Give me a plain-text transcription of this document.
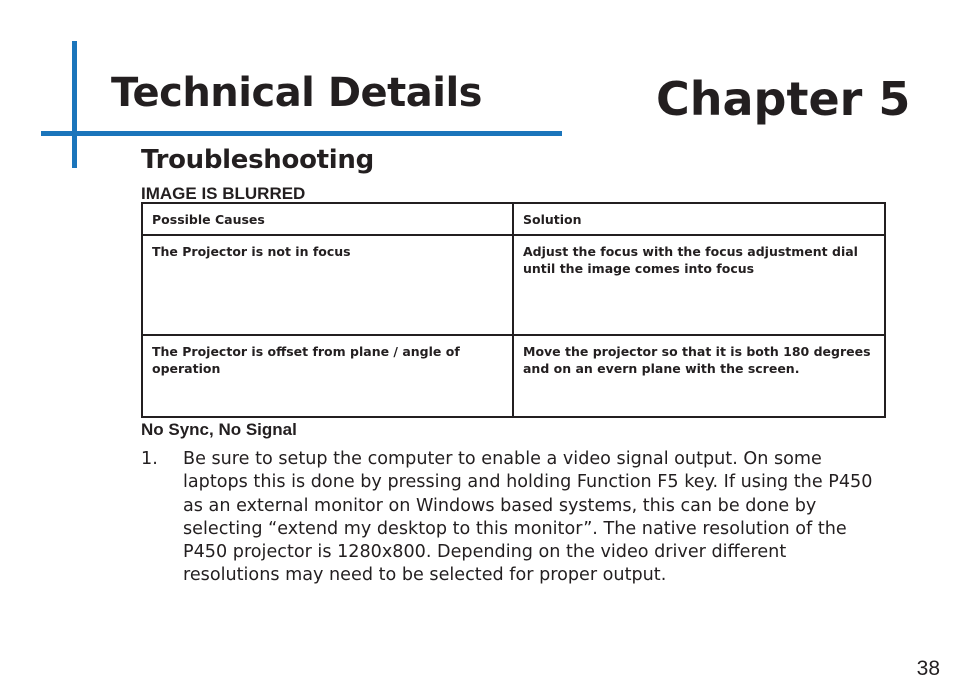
Technical Details	Chapter 5
Troubleshooting
IMAGE IS BLURRED
Possible Causes	Solution
The Projector is not in focus	Adjust the focus with the focus adjustment dial until the image comes into focus
The Projector is offset from plane / angle of operation	Move the projector so that it is both 180 degrees and on an evern plane with the screen.
No Sync, No Signal
1. Be sure to setup the computer to enable a video signal output. On some laptops this is done by pressing and holding Function F5 key. If using the P450 as an external monitor on Windows based systems, this can be done by selecting “extend my desktop to this monitor”. The native resolution of the P450 projector is 1280x800. Depending on the video driver different resolutions may need to be selected for proper output.
38
